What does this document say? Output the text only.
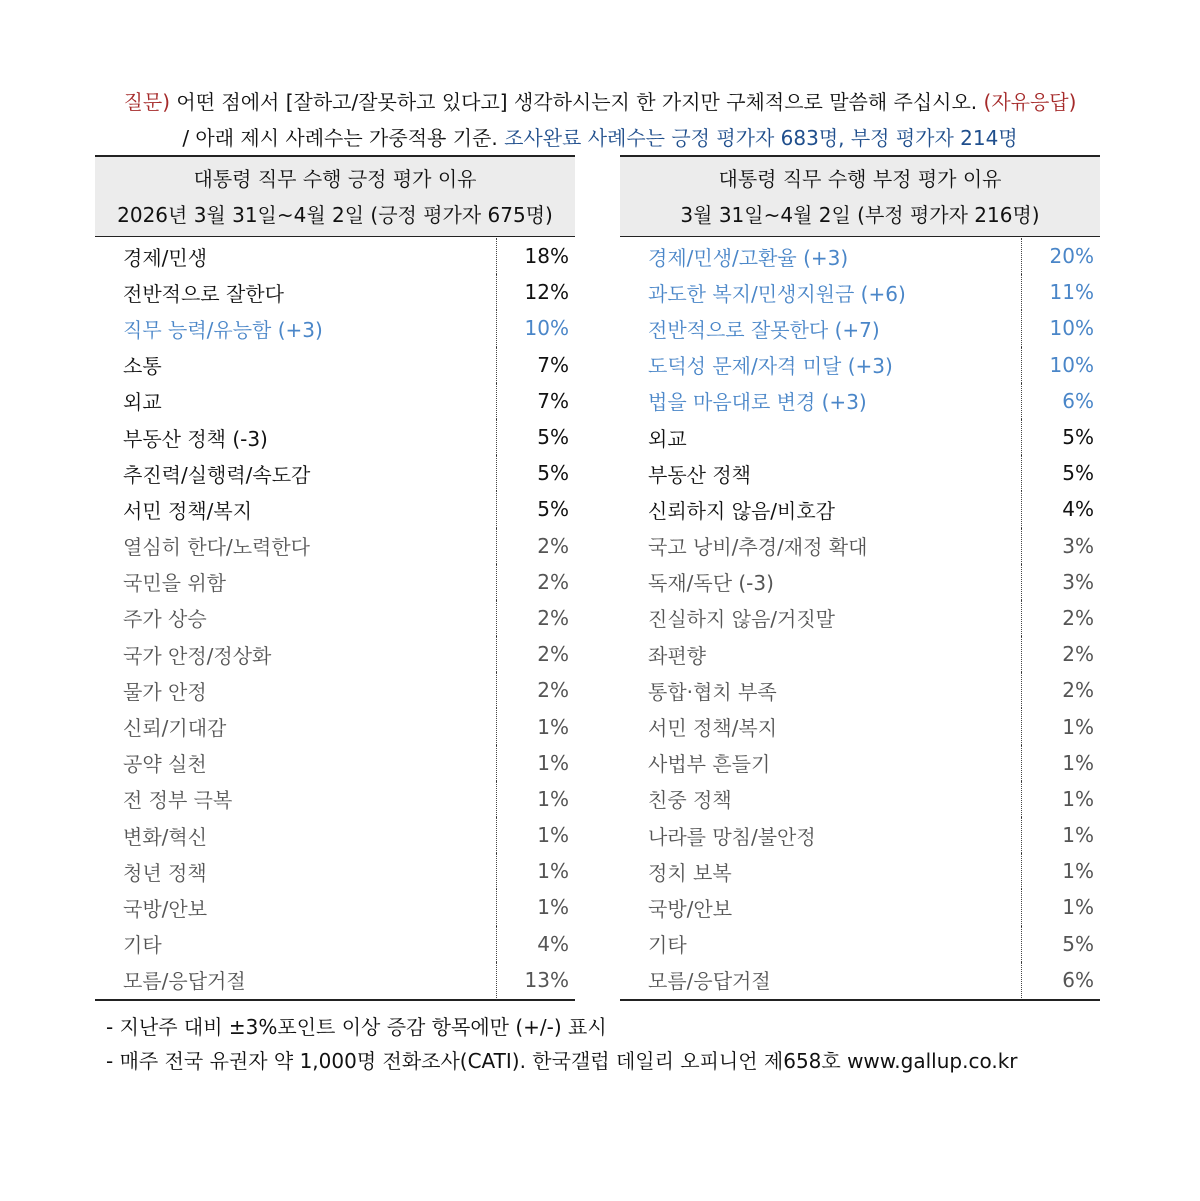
질문) 어떤 점에서 [잘하고/잘못하고 있다고] 생각하시는지 한 가지만 구체적으로 말씀해 주십시오. (자유응답)
/ 아래 제시 사례수는 가중적용 기준. 조사완료 사례수는 긍정 평가자 683명, 부정 평가자 214명
대통령 직무 수행 긍정 평가 이유
2026년 3월 31일~4월 2일 (긍정 평가자 675명)
경제/민생	18%
전반적으로 잘한다	12%
직무 능력/유능함 (+3)	10%
소통	7%
외교	7%
부동산 정책 (-3)	5%
추진력/실행력/속도감	5%
서민 정책/복지	5%
열심히 한다/노력한다	2%
국민을 위함	2%
주가 상승	2%
국가 안정/정상화	2%
물가 안정	2%
신뢰/기대감	1%
공약 실천	1%
전 정부 극복	1%
변화/혁신	1%
청년 정책	1%
국방/안보	1%
기타	4%
모름/응답거절	13%
대통령 직무 수행 부정 평가 이유
3월 31일~4월 2일 (부정 평가자 216명)
경제/민생/고환율 (+3)	20%
과도한 복지/민생지원금 (+6)	11%
전반적으로 잘못한다 (+7)	10%
도덕성 문제/자격 미달 (+3)	10%
법을 마음대로 변경 (+3)	6%
외교	5%
부동산 정책	5%
신뢰하지 않음/비호감	4%
국고 낭비/추경/재정 확대	3%
독재/독단 (-3)	3%
진실하지 않음/거짓말	2%
좌편향	2%
통합·협치 부족	2%
서민 정책/복지	1%
사법부 흔들기	1%
친중 정책	1%
나라를 망침/불안정	1%
정치 보복	1%
국방/안보	1%
기타	5%
모름/응답거절	6%
- 지난주 대비 ±3%포인트 이상 증감 항목에만 (+/-) 표시
- 매주 전국 유권자 약 1,000명 전화조사(CATI). 한국갤럽 데일리 오피니언 제658호 www.gallup.co.kr
